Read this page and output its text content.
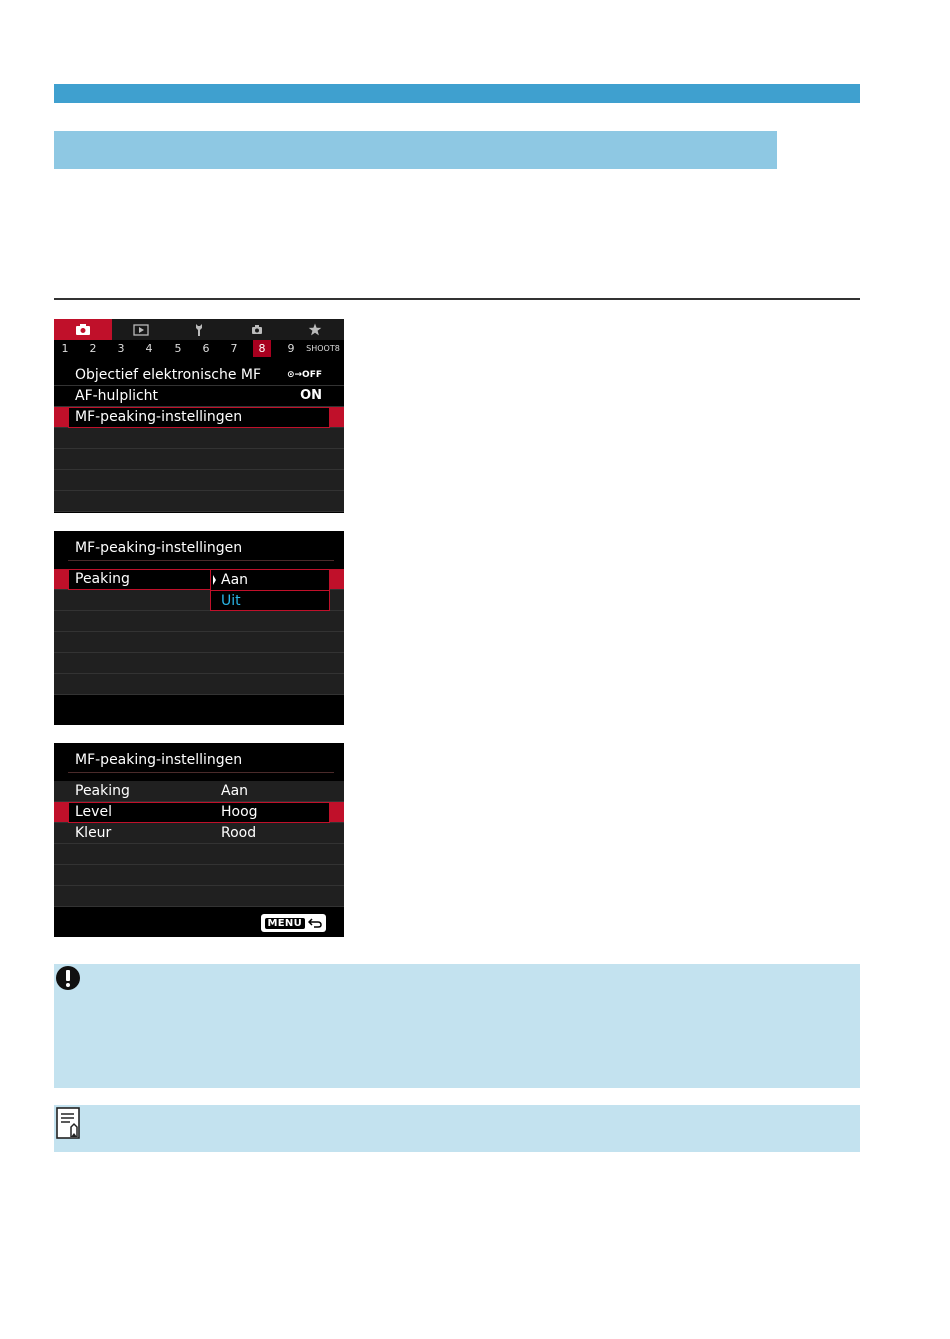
1	2	3	4	5	6	7	8	9	SHOOT8
Objectief elektronische MF	⊙→OFF
AF-hulplicht	ON
MF-peaking-instellingen
MF-peaking-instellingen
Peaking	Aan
Uit
MF-peaking-instellingen
Peaking	Aan
Level	Hoog
Kleur	Rood
MENU
